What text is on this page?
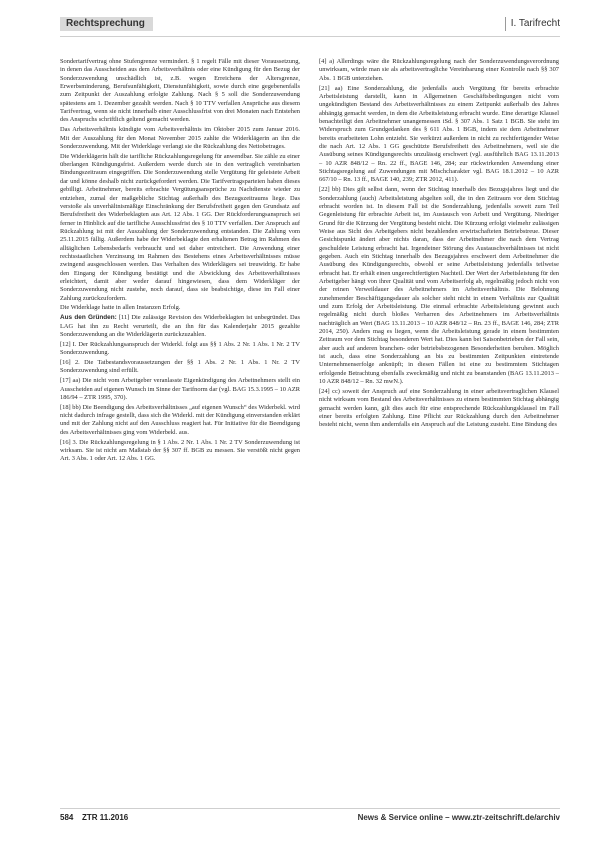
Rechtsprechung	I. Tarifrecht

Sondertarifvertrag ohne Stufengrenze vermindert. § 1 regelt Fälle mit dieser Voraussetzung, in denen das Ausscheiden aus dem Arbeitsverhältnis oder eine Kündigung für den Bezug der Sonderzuwendung unschädlich ist, z.B. wegen Erreichens der Altersgrenze, Erwerbsminderung, Berufsunfähigkeit, Dienstunfähigkeit, sowie durch eine gegebenenfalls zum Zeitpunkt der Auszahlung erfolgte Zahlung. Nach § 5 soll die Sonderzuwendung spätestens am 1. Dezember gezahlt werden. Nach § 10 TTV verfallen Ansprüche aus diesem Tarifvertrag, wenn sie nicht innerhalb einer Ausschlussfrist von drei Monaten nach Entstehen des Anspruchs schriftlich geltend gemacht werden.

Das Arbeitsverhältnis kündigte vom Arbeitsverhältnis im Oktober 2015 zum Januar 2016. Mit der Auszahlung für den Monat November 2015 zahlte die Widerklägerin an ihn die Sonderzuwendung. Mit der Widerklage verlangt sie die Rückzahlung des Nettobetrages.

Die Widerklägerin hält die tarifliche Rückzahlungsregelung für anwendbar. Sie zähle zu einer überlangen Kündigungsfrist. Außerdem werde durch sie in den vertraglich vereinbarten Bindungszeitraum eingegriffen. Die Sonderzuwendung stelle Vergütung für geleistete Arbeit dar und könne deshalb nicht zurückgefordert werden. Die Tarifvertragsparteien haben dieses gebilligt. Arbeitnehmer, bereits erbrachte Vergütungsansprüche zu Nachdienste wieder zu entziehen, zumal der maßgebliche Stichtag außerhalb des Bezugszeitraums liege. Das verstoße als unverhältnismäßige Einschränkung der Berufsfreiheit gegen den Grundsatz auf Berufsfreiheit des Widerbeklagten aus Art. 12 Abs. 1 GG. Der Rückforderungsanspruch sei ferner in Hinblick auf die tarifliche Ausschlussfrist des § 10 TTV verfallen. Der Anspruch auf Rückzahlung ist mit der Auszahlung der Sonderzuwendung entstanden. Die Zahlung vom 25.11.2015 fällig. Außerdem habe der Widerbeklagte den erhaltenen Betrag im Rahmen des alltäglichen Lebensbedarfs verbraucht und sei daher entreichert. Die Anwendung einer rechtsstaatlichen Verzinsung im Rahmen des Bestehens eines Arbeitsverhältnisses müsse zwingend ausgeschlossen werden. Das Verhalten des Widerklägers sei treuwidrig. Er habe den Eingang der Kündigung bestätigt und die Abwicklung des Arbeitsverhältnisses erleichtert, damit aber weder darauf hingewiesen, dass dem Widerkläger der Sonderzuwendung nicht zustehe, noch darauf, dass sie beabsichtige, diese im Fall einer Zahlung zurückzufordern.

Die Widerklage hatte in allen Instanzen Erfolg.

Aus den Gründen: [11] Die zulässige Revision des Widerbeklagten ist unbegründet. Das LAG hat ihn zu Recht verurteilt, die an ihn für das Kalenderjahr 2015 gezahlte Sonderzuwendung an die Widerklägerin zurückzuzahlen.

[12] I. Der Rückzahlungsanspruch der Widerkl. folgt aus §§ 1 Abs. 2 Nr. 1 Abs. 1 Nr. 2 TV Sonderzuwendung.

[16] 2. Die Tatbestandsvoraussetzungen der §§ 1 Abs. 2 Nr. 1 Abs. 1 Nr. 2 TV Sonderzuwendung sind erfüllt.

[17] aa) Die nicht vom Arbeitgeber veranlasste Eigenkündigung des Arbeitnehmers stellt ein Ausscheiden auf eigenen Wunsch im Sinne der Tarifnorm dar (vgl. BAG 15.3.1995 – 10 AZR 186/94 – ZTR 1995, 370).

[18] bb) Die Beendigung des Arbeitsverhältnisses „auf eigenen Wunsch“ des Widerbekl. wird nicht dadurch infrage gestellt, dass sich die Widerkl. mit der Kündigung einverstanden erklärt und mit der Zahlung nicht auf den Ausschluss reagiert hat. Für Initiative für die Beendigung des Arbeitsverhältnisses ging vom Widerbekl. aus.

[16] 3. Die Rückzahlungsregelung in § 1 Abs. 2 Nr. 1 Abs. 1 Nr. 2 TV Sonderzuwendung ist wirksam. Sie ist nicht am Maßstab der §§ 307 ff. BGB zu messen. Sie verstößt nicht gegen Art. 3 Abs. 1 oder Art. 12 Abs. 1 GG.

[4] a) Allerdings wäre die Rückzahlungsregelung nach der Sonderzuwendungsverordnung unwirksam, würde man sie als arbeitsvertragliche Vereinbarung einer Kontrolle nach §§ 307 Abs. 1 BGB unterziehen.

[21] aa) Eine Sonderzahlung, die jedenfalls auch Vergütung für bereits erbrachte Arbeitsleistung darstellt, kann in Allgemeinen Geschäftsbedingungen nicht vom ungekündigten Bestand des Arbeitsverhältnisses zu einem Zeitpunkt außerhalb des Jahres abhängig gemacht werden, in dem die Arbeitsleistung erbracht wurde. Eine derartige Klausel benachteiligt den Arbeitnehmer unangemessen iSd. § 307 Abs. 1 Satz 1 BGB. Sie steht im Widerspruch zum Grundgedanken des § 611 Abs. 1 BGB, indem sie dem Arbeitnehmer bereits erarbeiteten Lohn entzieht. Sie verkürzt außerdem in nicht zu rechtfertigender Weise die nach Art. 12 Abs. 1 GG geschützte Berufsfreiheit des Arbeitnehmers, weil sie die Ausübung seines Kündigungsrechts unzulässig erschwert (vgl. ausführlich BAG 13.11.2013 – 10 AZR 848/12 – Rn. 22 ff., BAGE 146, 284; zur rückwirkenden Anwendung einer Stichtagsregelung auf Zuwendungen mit Mischcharakter vgl. BAG 18.1.2012 – 10 AZR 667/10 – Rn. 13 ff., BAGE 140, 239; ZTR 2012, 411).

[22] bb) Dies gilt selbst dann, wenn der Stichtag innerhalb des Bezugsjahres liegt und die Sonderzahlung (auch) Arbeitsleistung abgelten soll, die in den Zeitraum vor dem Stichtag erbracht worden ist. In diesem Fall ist die Sonderzahlung, jedenfalls soweit zum Teil Gegenleistung für erbrachte Arbeit ist, im Austausch von Arbeit und Vergütung. Niedriger Grund für die Kürzung der Vergütung besteht nicht. Die Kürzung erfolgt vielmehr zulässigen Weise aus Sicht des Arbeitgebers nicht bezahlenden erwirtschafteten Betriebstreue. Dieser Gesichtspunkt ändert aber nichts daran, dass der Arbeitnehmer die nach dem Vertrag geschuldete Leistung erbracht hat. Irgendeiner Störung des Austauschverhältnisses ist nicht gegeben. Auch ein Stichtag innerhalb des Bezugsjahres erschwert dem Arbeitnehmer die Ausübung des Kündigungsrechts, obwohl er seine Arbeitsleistung jedenfalls teilweise erbracht hat. Er erhält einen ungerechtfertigten Nachteil. Der Wert der Arbeitsleistung für den Arbeitgeber hängt von ihrer Qualität und vom Arbeitserfolg ab, regelmäßig jedoch nicht von der reinen Verweildauer des Arbeitnehmers im Arbeitsverhältnis. Die Belohnung zunehmender Beschäftigungsdauer als solcher steht nicht in einem Verhältnis zur Qualität und zum Erfolg der Arbeitsleistung. Die einmal erbrachte Arbeitsleistung gewinnt auch regelmäßig nicht durch bloßes Verharren des Arbeitnehmers im Arbeitsverhältnis nachträglich an Wert (BAG 13.11.2013 – 10 AZR 848/12 – Rn. 23 ff., BAGE 146, 284; ZTR 2014, 250). Anders mag es liegen, wenn die Arbeitsleistung gerade in einem bestimmten Zeitraum vor dem Stichtag besonderen Wert hat. Dies kann bei Saisonbetrieben der Fall sein, aber auch auf anderen branchen- oder betriebsbezogenen Besonderheiten beruhen. Möglich ist auch, dass eine Sonderzahlung an bis zu bestimmten Zeitpunkten eintretende Unternehmenserfolge anknüpft; in diesen Fällen ist eine zu bestimmtem Stichtagen erfolgende Betrachtung ebenfalls zweckmäßig und nicht zu beanstanden (BAG 13.11.2013 – 10 AZR 848/12 – Rn. 32 mwN.).

[24] cc) soweit der Anspruch auf eine Sonderzahlung in einer arbeitsvertraglichen Klausel nicht wirksam vom Bestand des Arbeitsverhältnisses zu einem bestimmten Stichtag abhängig gemacht werden kann, gilt dies auch für eine entsprechende Rückzahlungsklausel im Fall einer bereits erfolgten Zahlung. Eine Pflicht zur Rückzahlung durch den Arbeitnehmer besteht nicht, wenn ihm andernfalls ein Anspruch auf die Leistung zusteht. Eine Bindung des

584 ZTR 11.2016	News & Service online – www.ztr-zeitschrift.de/archiv
